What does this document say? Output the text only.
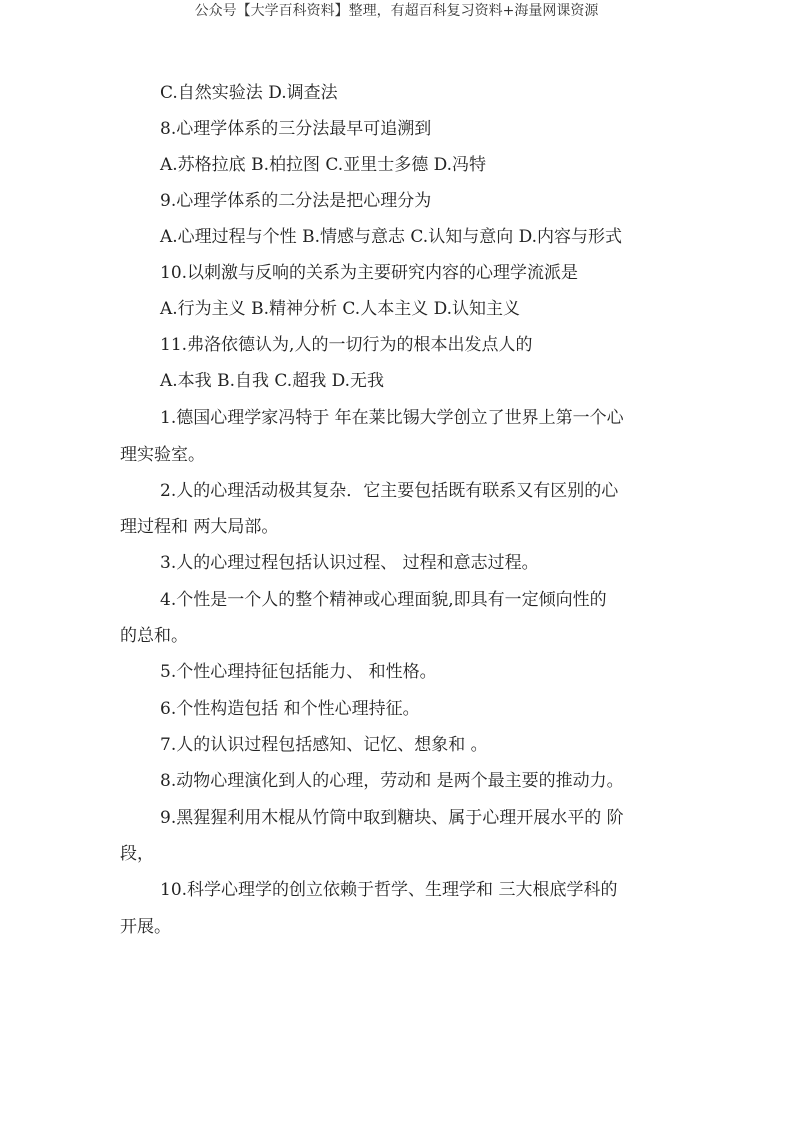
公众号【大学百科资料】整理，有超百科复习资料+海量网课资源
C.自然实验法 D.调查法
8.心理学体系的三分法最早可追溯到
A.苏格拉底 B.柏拉图 C.亚里士多德 D.冯特
9.心理学体系的二分法是把心理分为
A.心理过程与个性 B.情感与意志 C.认知与意向 D.内容与形式
10.以刺激与反响的关系为主要研究内容的心理学流派是
A.行为主义 B.精神分析 C.人本主义 D.认知主义
11.弗洛依德认为,人的一切行为的根本出发点人的
A.本我 B.自我 C.超我 D.无我
1.德国心理学家冯特于 年在莱比锡大学创立了世界上第一个心
理实验室。
2.人的心理活动极其复杂．它主要包括既有联系又有区别的心
理过程和 两大局部。
3.人的心理过程包括认识过程、 过程和意志过程。
4.个性是一个人的整个精神或心理面貌,即具有一定倾向性的
的总和。
5.个性心理持征包括能力、 和性格。
6.个性构造包括 和个性心理持征。
7.人的认识过程包括感知、记忆、想象和 。
8.动物心理演化到人的心理，劳动和 是两个最主要的推动力。
9.黑猩猩利用木棍从竹筒中取到糖块、属于心理开展水平的 阶
段，
10.科学心理学的创立依赖于哲学、生理学和 三大根底学科的
开展。
